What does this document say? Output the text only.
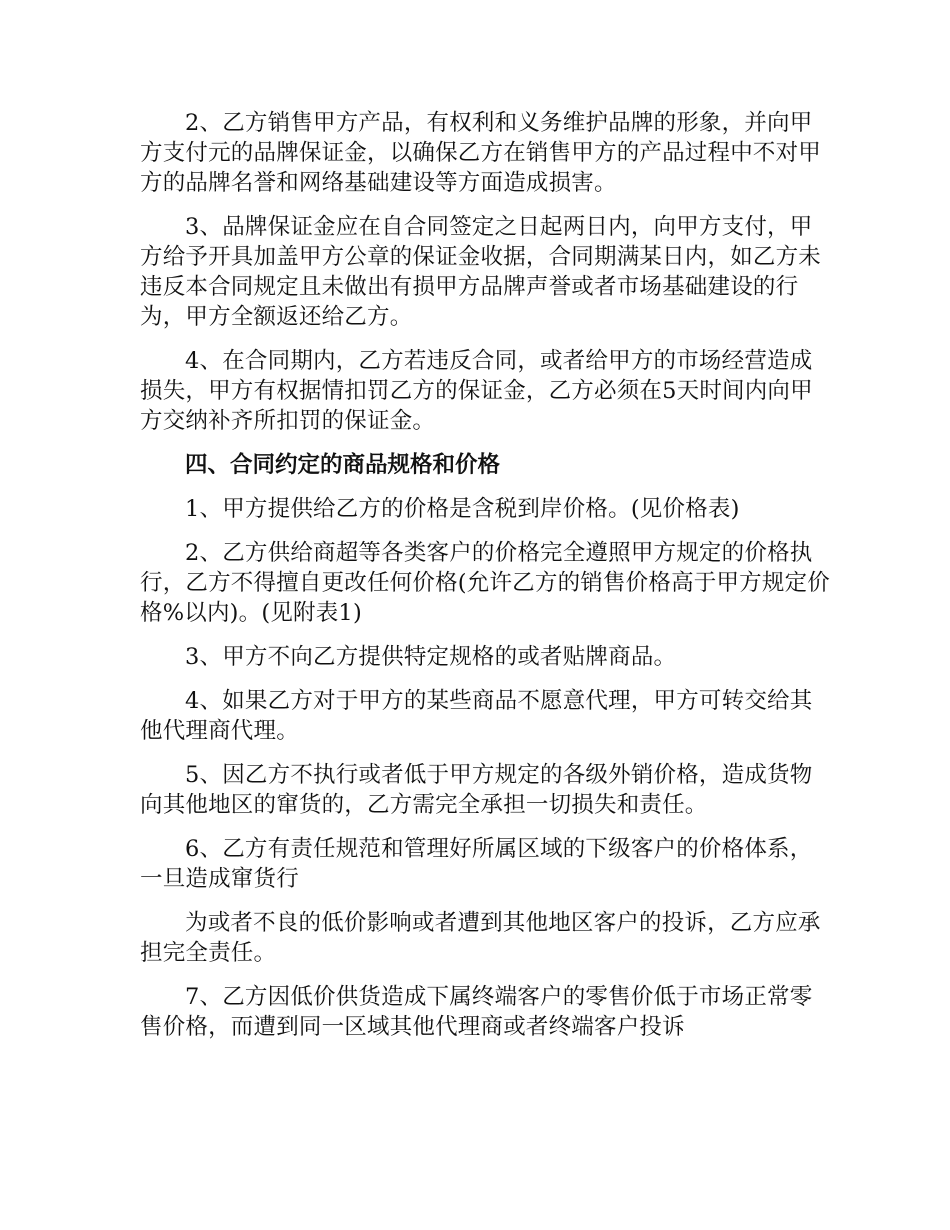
2、乙方销售甲方产品，有权利和义务维护品牌的形象，并向甲方支付元的品牌保证金，以确保乙方在销售甲方的产品过程中不对甲方的品牌名誉和网络基础建设等方面造成损害。

3、品牌保证金应在自合同签定之日起两日内，向甲方支付，甲方给予开具加盖甲方公章的保证金收据，合同期满某日内，如乙方未违反本合同规定且未做出有损甲方品牌声誉或者市场基础建设的行为，甲方全额返还给乙方。

4、在合同期内，乙方若违反合同，或者给甲方的市场经营造成损失，甲方有权据情扣罚乙方的保证金，乙方必须在5天时间内向甲方交纳补齐所扣罚的保证金。

四、合同约定的商品规格和价格

1、甲方提供给乙方的价格是含税到岸价格。(见价格表)

2、乙方供给商超等各类客户的价格完全遵照甲方规定的价格执行，乙方不得擅自更改任何价格(允许乙方的销售价格高于甲方规定价格%以内)。(见附表1)

3、甲方不向乙方提供特定规格的或者贴牌商品。

4、如果乙方对于甲方的某些商品不愿意代理，甲方可转交给其他代理商代理。

5、因乙方不执行或者低于甲方规定的各级外销价格，造成货物向其他地区的窜货的，乙方需完全承担一切损失和责任。

6、乙方有责任规范和管理好所属区域的下级客户的价格体系，一旦造成窜货行

为或者不良的低价影响或者遭到其他地区客户的投诉，乙方应承担完全责任。

7、乙方因低价供货造成下属终端客户的零售价低于市场正常零售价格，而遭到同一区域其他代理商或者终端客户投诉
